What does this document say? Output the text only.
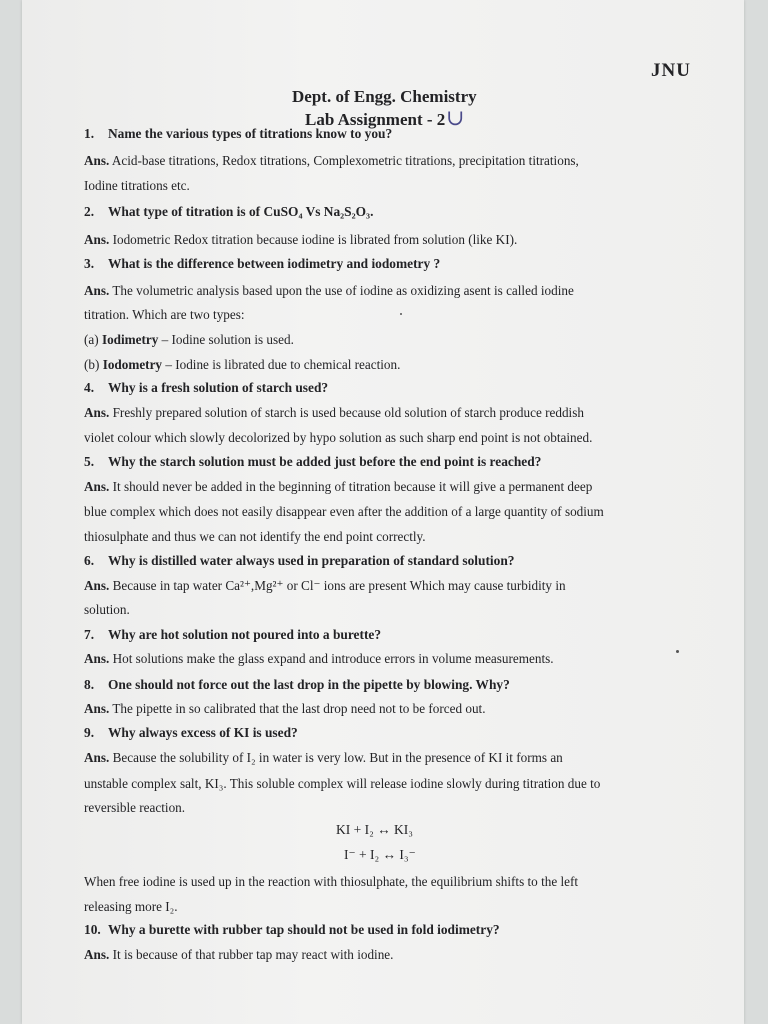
JNU
Dept. of Engg. Chemistry
Lab Assignment - 2 ∪
1. Name the various types of titrations know to you?
Ans. Acid-base titrations, Redox titrations, Complexometric titrations, precipitation titrations,
Iodine titrations etc.
2. What type of titration is of CuSO₄ Vs Na₂S₂O₃.
Ans. Iodometric Redox titration because iodine is librated from solution (like KI).
3. What is the difference between iodimetry and iodometry ?
Ans. The volumetric analysis based upon the use of iodine as oxidizing asent is called iodine
titration. Which are two types:
(a) Iodimetry – Iodine solution is used.
(b) Iodometry – Iodine is librated due to chemical reaction.
4. Why is a fresh solution of starch used?
Ans. Freshly prepared solution of starch is used because old solution of starch produce reddish
violet colour which slowly decolorized by hypo solution as such sharp end point is not obtained.
5. Why the starch solution must be added just before the end point is reached?
Ans. It should never be added in the beginning of titration because it will give a permanent deep
blue complex which does not easily disappear even after the addition of a large quantity of sodium
thiosulphate and thus we can not identify the end point correctly.
6. Why is distilled water always used in preparation of standard solution?
Ans. Because in tap water Ca²⁺,Mg²⁺ or Cl⁻ ions are present Which may cause turbidity in
solution.
7. Why are hot solution not poured into a burette?
Ans. Hot solutions make the glass expand and introduce errors in volume measurements.
8. One should not force out the last drop in the pipette by blowing. Why?
Ans. The pipette in so calibrated that the last drop need not to be forced out.
9. Why always excess of KI is used?
Ans. Because the solubility of I₂ in water is very low. But in the presence of KI it forms an
unstable complex salt, KI₃. This soluble complex will release iodine slowly during titration due to
reversible reaction.
When free iodine is used up in the reaction with thiosulphate, the equilibrium shifts to the left
releasing more I₂.
10. Why a burette with rubber tap should not be used in fold iodimetry?
Ans. It is because of that rubber tap may react with iodine.
KI + I₂ ↔ KI₃
I⁻ + I₂ ↔ I₃⁻
